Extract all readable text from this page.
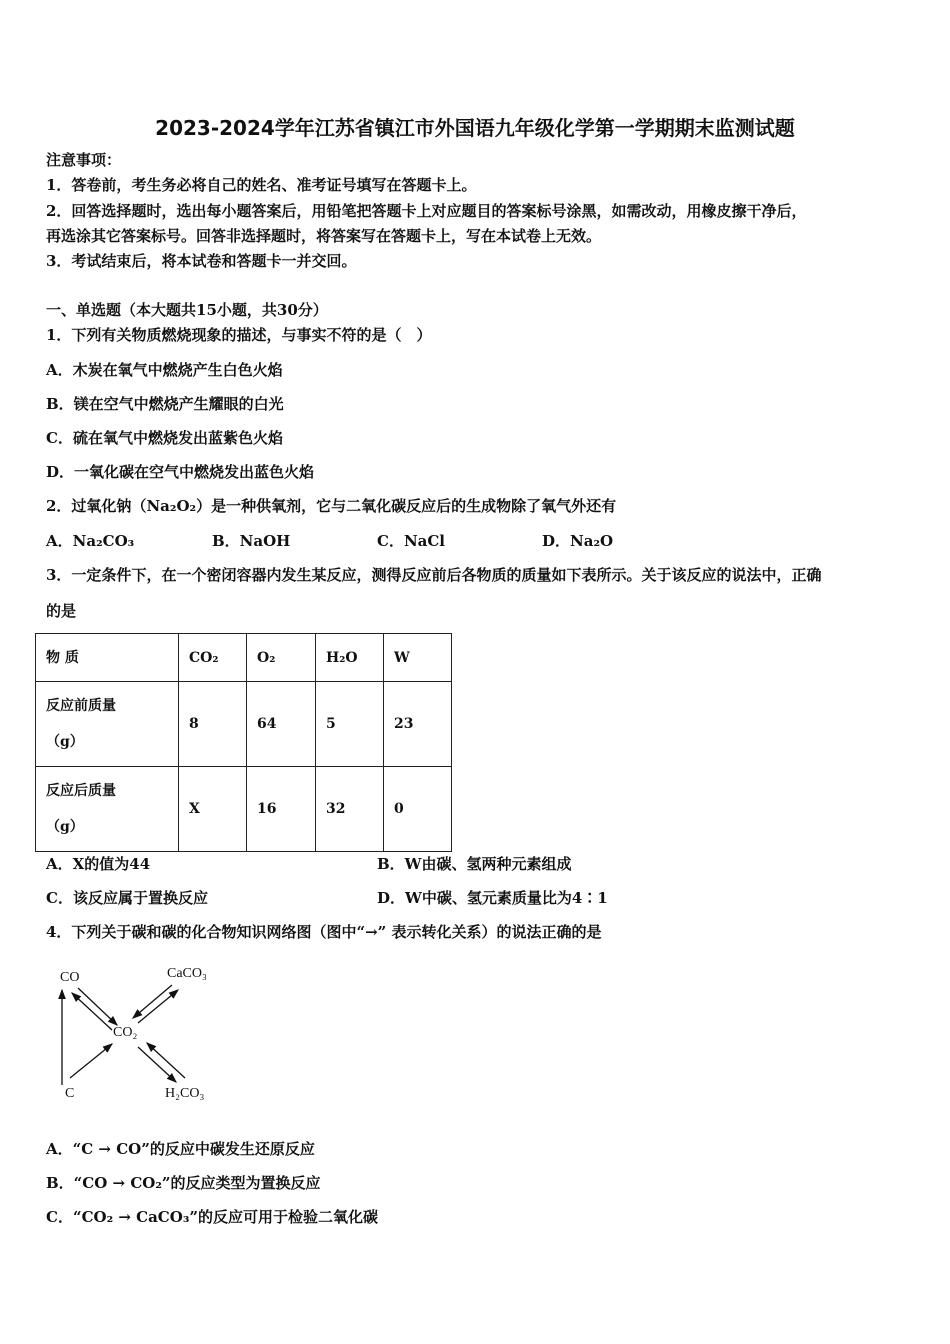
2023-2024学年江苏省镇江市外国语九年级化学第一学期期末监测试题
注意事项：
1．答卷前，考生务必将自己的姓名、准考证号填写在答题卡上。
2．回答选择题时，选出每小题答案后，用铅笔把答题卡上对应题目的答案标号涂黑，如需改动，用橡皮擦干净后，
再选涂其它答案标号。回答非选择题时，将答案写在答题卡上，写在本试卷上无效。
3．考试结束后，将本试卷和答题卡一并交回。
一、单选题（本大题共15小题，共30分）
1．下列有关物质燃烧现象的描述，与事实不符的是（　）
A．木炭在氧气中燃烧产生白色火焰
B．镁在空气中燃烧产生耀眼的白光
C．硫在氧气中燃烧发出蓝紫色火焰
D．一氧化碳在空气中燃烧发出蓝色火焰
2．过氧化钠（Na₂O₂）是一种供氧剂，它与二氧化碳反应后的生成物除了氧气外还有
A．Na₂CO₃	B．NaOH	C．NaCl	D．Na₂O
3．一定条件下，在一个密闭容器内发生某反应，测得反应前后各物质的质量如下表所示。关于该反应的说法中，正确
的是
物 质	CO₂	O₂	H₂O	W
反应前质量
（g）	8	64	5	23
反应后质量
（g）	X	16	32	0
A．X的值为44	B．W由碳、氢两种元素组成
C．该反应属于置换反应	D．W中碳、氢元素质量比为4∶1
4．下列关于碳和碳的化合物知识网络图（图中“→” 表示转化关系）的说法正确的是
CO	CaCO₃
CO₂
C	H₂CO₃
A．“C → CO”的反应中碳发生还原反应
B．“CO → CO₂”的反应类型为置换反应
C．“CO₂ → CaCO₃”的反应可用于检验二氧化碳
